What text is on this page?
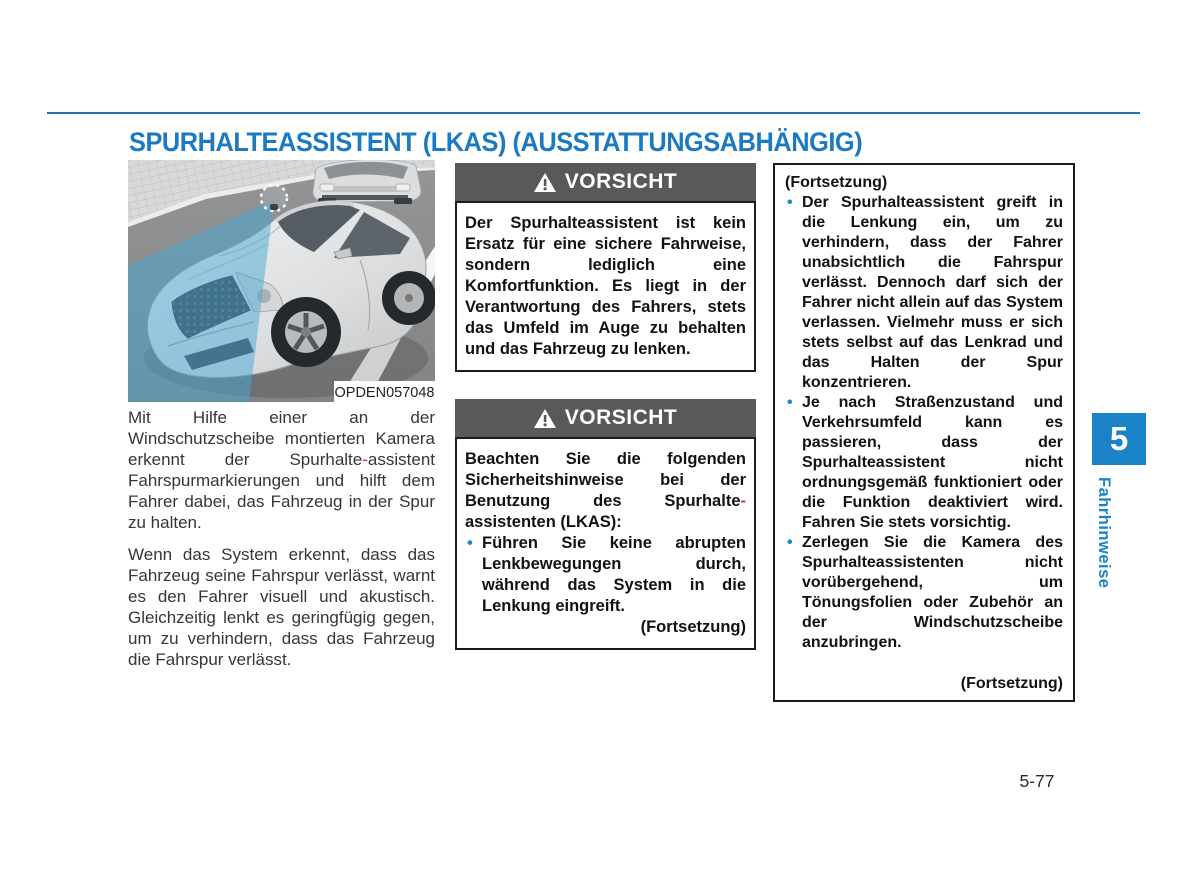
SPURHALTEASSISTENT (LKAS) (AUSSTATTUNGSABHÄNGIG)
OPDEN057048

Mit Hilfe einer an der Windschutzscheibe montierten Kamera erkennt der Spurhalte-assistent Fahrspurmarkierungen und hilft dem Fahrer dabei, das Fahrzeug in der Spur zu halten.

Wenn das System erkennt, dass das Fahrzeug seine Fahrspur verlässt, warnt es den Fahrer visuell und akustisch. Gleichzeitig lenkt es geringfügig gegen, um zu verhindern, dass das Fahrzeug die Fahrspur verlässt.

VORSICHT

Der Spurhalteassistent ist kein Ersatz für eine sichere Fahrweise, sondern lediglich eine Komfortfunktion. Es liegt in der Verantwortung des Fahrers, stets das Umfeld im Auge zu behalten und das Fahrzeug zu lenken.

VORSICHT

Beachten Sie die folgenden Sicherheitshinweise bei der Benutzung des Spurhalte-assistenten (LKAS):

• Führen Sie keine abrupten Lenkbewegungen durch, während das System in die Lenkung eingreift.

(Fortsetzung)

(Fortsetzung)

• Der Spurhalteassistent greift in die Lenkung ein, um zu verhindern, dass der Fahrer unabsichtlich die Fahrspur verlässt. Dennoch darf sich der Fahrer nicht allein auf das System verlassen. Vielmehr muss er sich stets selbst auf das Lenkrad und das Halten der Spur konzentrieren.
• Je nach Straßenzustand und Verkehrsumfeld kann es passieren, dass der Spurhalteassistent nicht ordnungsgemäß funktioniert oder die Funktion deaktiviert wird. Fahren Sie stets vorsichtig.
• Zerlegen Sie die Kamera des Spurhalteassistenten nicht vorübergehend, um Tönungsfolien oder Zubehör an der Windschutzscheibe anzubringen.

(Fortsetzung)

5
Fahrhinweise
5-77
